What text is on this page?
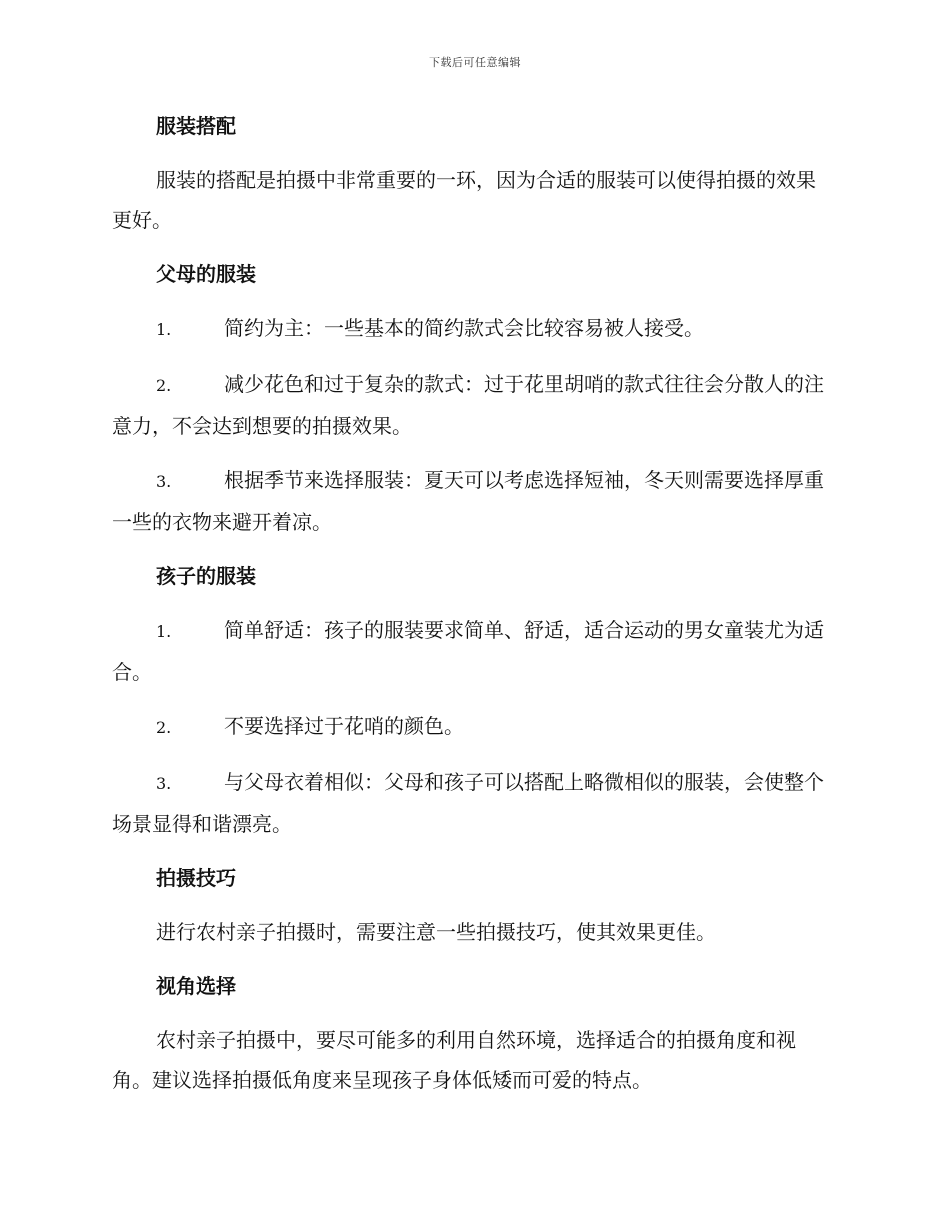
下载后可任意编辑
服装搭配

服装的搭配是拍摄中非常重要的一环，因为合适的服装可以使得拍摄的效果更好。

父母的服装

1.	简约为主：一些基本的简约款式会比较容易被人接受。

2.	减少花色和过于复杂的款式：过于花里胡哨的款式往往会分散人的注意力，不会达到想要的拍摄效果。

3.	根据季节来选择服装：夏天可以考虑选择短袖，冬天则需要选择厚重一些的衣物来避开着凉。

孩子的服装

1.	简单舒适：孩子的服装要求简单、舒适，适合运动的男女童装尤为适合。

2.	不要选择过于花哨的颜色。

3.	与父母衣着相似：父母和孩子可以搭配上略微相似的服装，会使整个场景显得和谐漂亮。

拍摄技巧

进行农村亲子拍摄时，需要注意一些拍摄技巧，使其效果更佳。

视角选择

农村亲子拍摄中，要尽可能多的利用自然环境，选择适合的拍摄角度和视角。建议选择拍摄低角度来呈现孩子身体低矮而可爱的特点。
